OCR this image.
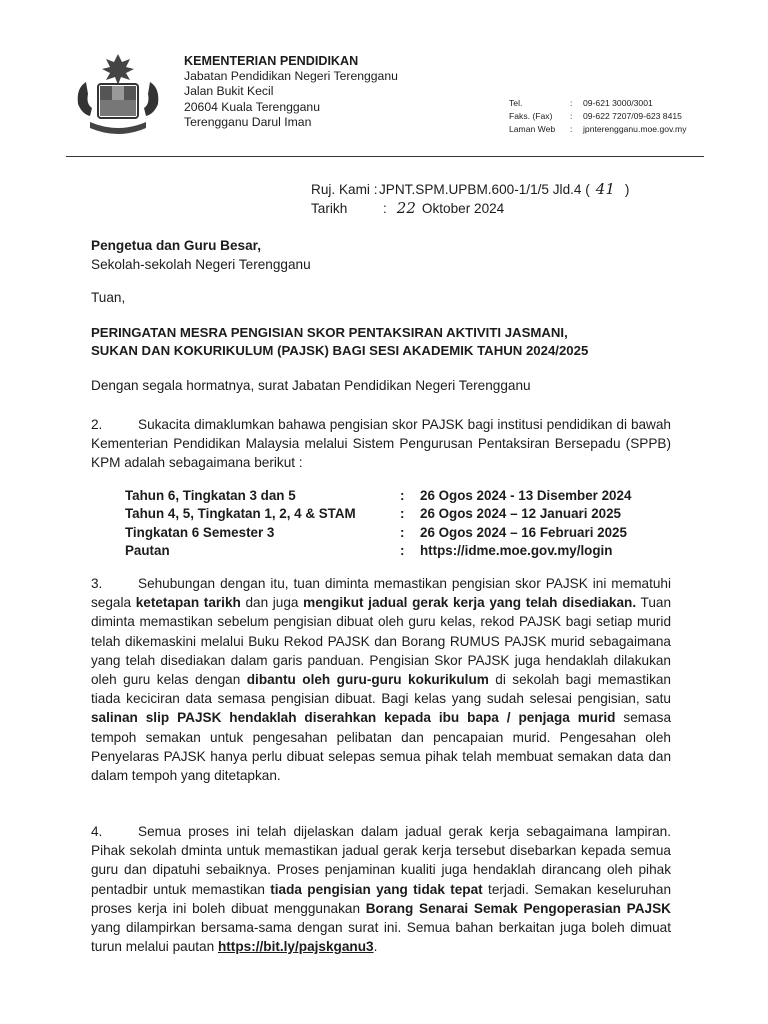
KEMENTERIAN PENDIDIKAN
Jabatan Pendidikan Negeri Terengganu
Jalan Bukit Kecil
20604 Kuala Terengganu
Terengganu Darul Iman
Tel.	:	09-621 3000/3001
Faks. (Fax)	:	09-622 7207/09-623 8415
Laman Web	:	jpnterengganu.moe.gov.my
Ruj. Kami : JPNT.SPM.UPBM.600-1/1/5 Jld.4 ( 41 )
Tarikh	: 22 Oktober 2024
Pengetua dan Guru Besar,
Sekolah-sekolah Negeri Terengganu
Tuan,
PERINGATAN MESRA PENGISIAN SKOR PENTAKSIRAN AKTIVITI JASMANI,
SUKAN DAN KOKURIKULUM (PAJSK) BAGI SESI AKADEMIK TAHUN 2024/2025
Dengan segala hormatnya, surat Jabatan Pendidikan Negeri Terengganu
2.	Sukacita dimaklumkan bahawa pengisian skor PAJSK bagi institusi pendidikan di bawah Kementerian Pendidikan Malaysia melalui Sistem Pengurusan Pentaksiran Bersepadu (SPPB) KPM adalah sebagaimana berikut :
Tahun 6, Tingkatan 3 dan 5	:	26 Ogos 2024 - 13 Disember 2024
Tahun 4, 5, Tingkatan 1, 2, 4 & STAM	:	26 Ogos 2024 – 12 Januari 2025
Tingkatan 6 Semester 3	:	26 Ogos 2024 – 16 Februari 2025
Pautan	:	https://idme.moe.gov.my/login
3.	Sehubungan dengan itu, tuan diminta memastikan pengisian skor PAJSK ini mematuhi segala ketetapan tarikh dan juga mengikut jadual gerak kerja yang telah disediakan. Tuan diminta memastikan sebelum pengisian dibuat oleh guru kelas, rekod PAJSK bagi setiap murid telah dikemaskini melalui Buku Rekod PAJSK dan Borang RUMUS PAJSK murid sebagaimana yang telah disediakan dalam garis panduan. Pengisian Skor PAJSK juga hendaklah dilakukan oleh guru kelas dengan dibantu oleh guru-guru kokurikulum di sekolah bagi memastikan tiada keciciran data semasa pengisian dibuat. Bagi kelas yang sudah selesai pengisian, satu salinan slip PAJSK hendaklah diserahkan kepada ibu bapa / penjaga murid semasa tempoh semakan untuk pengesahan pelibatan dan pencapaian murid. Pengesahan oleh Penyelaras PAJSK hanya perlu dibuat selepas semua pihak telah membuat semakan data dan dalam tempoh yang ditetapkan.
4.	Semua proses ini telah dijelaskan dalam jadual gerak kerja sebagaimana lampiran. Pihak sekolah dminta untuk memastikan jadual gerak kerja tersebut disebarkan kepada semua guru dan dipatuhi sebaiknya. Proses penjaminan kualiti juga hendaklah dirancang oleh pihak pentadbir untuk memastikan tiada pengisian yang tidak tepat terjadi. Semakan keseluruhan proses kerja ini boleh dibuat menggunakan Borang Senarai Semak Pengoperasian PAJSK yang dilampirkan bersama-sama dengan surat ini. Semua bahan berkaitan juga boleh dimuat turun melalui pautan https://bit.ly/pajskganu3.
